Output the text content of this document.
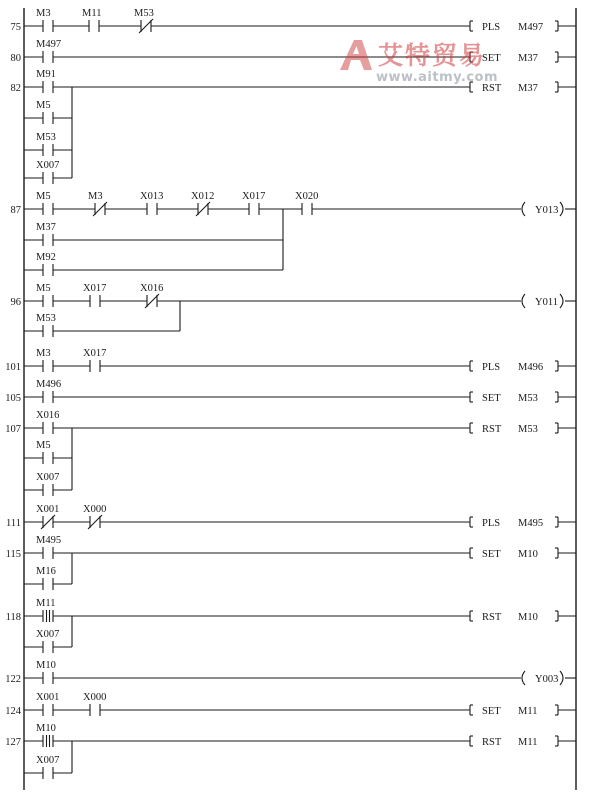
75
M3	M11	M53
PLS M497
80
M497
SET M37
82
M91
M5
M53
X007
RST M37
87
M5	M3	X013	X012	X017	X020
M37
M92
Y013
96
M5	X017	X016
M53
Y011
101
M3	X017
PLS M496
105
M496
SET M53
107
X016
M5
X007
RST M53
111
X001 X000
PLS M495
115
M495
M16
SET M10
118
M11
X007
RST M10
122
M10
Y003
124
X001 X000
SET M11
127
M10
X007
RST M11
艾特贸易
www.aitmy.com
